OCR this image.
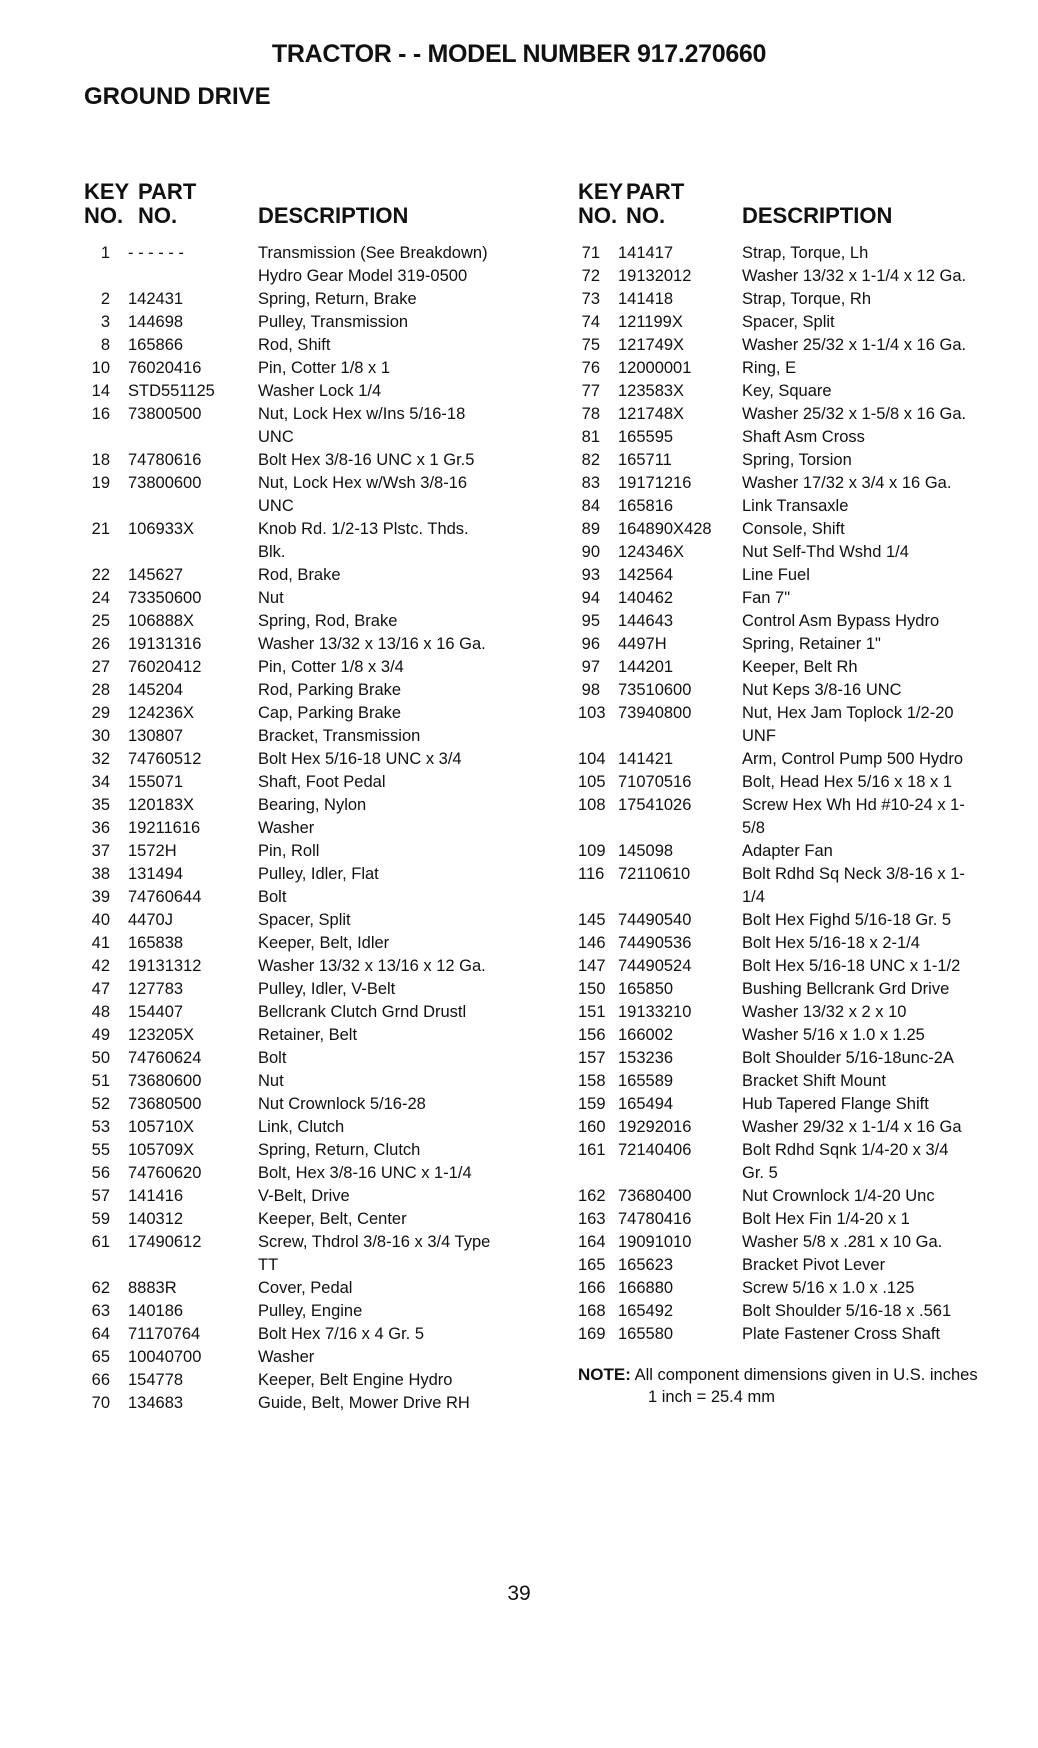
TRACTOR - - MODEL NUMBER 917.270660
GROUND DRIVE
KEY
NO.
PART
NO.	DESCRIPTION
1	- - - - - -	Transmission (See Breakdown)
Hydro Gear Model 319-0500
2	142431	Spring, Return, Brake
3	144698	Pulley, Transmission
8	165866	Rod, Shift
10	76020416	Pin, Cotter 1/8 x 1
14	STD551125	Washer Lock 1/4
16	73800500	Nut, Lock Hex w/Ins 5/16-18
UNC
18	74780616	Bolt Hex 3/8-16 UNC x 1 Gr.5
19	73800600	Nut, Lock Hex w/Wsh 3/8-16
UNC
21	106933X	Knob Rd. 1/2-13 Plstc. Thds.
Blk.
22	145627	Rod, Brake
24	73350600	Nut
25	106888X	Spring, Rod, Brake
26	19131316	Washer 13/32 x 13/16 x 16 Ga.
27	76020412	Pin, Cotter 1/8 x 3/4
28	145204	Rod, Parking Brake
29	124236X	Cap, Parking Brake
30	130807	Bracket, Transmission
32	74760512	Bolt Hex 5/16-18 UNC x 3/4
34	155071	Shaft, Foot Pedal
35	120183X	Bearing, Nylon
36	19211616	Washer
37	1572H	Pin, Roll
38	131494	Pulley, Idler, Flat
39	74760644	Bolt
40	4470J	Spacer, Split
41	165838	Keeper, Belt, Idler
42	19131312	Washer 13/32 x 13/16 x 12 Ga.
47	127783	Pulley, Idler, V-Belt
48	154407	Bellcrank Clutch Grnd Drustl
49	123205X	Retainer, Belt
50	74760624	Bolt
51	73680600	Nut
52	73680500	Nut Crownlock 5/16-28
53	105710X	Link, Clutch
55	105709X	Spring, Return, Clutch
56	74760620	Bolt, Hex 3/8-16 UNC x 1-1/4
57	141416	V-Belt, Drive
59	140312	Keeper, Belt, Center
61	17490612	Screw, Thdrol 3/8-16 x 3/4 Type
TT
62	8883R	Cover, Pedal
63	140186	Pulley, Engine
64	71170764	Bolt Hex 7/16 x 4 Gr. 5
65	10040700	Washer
66	154778	Keeper, Belt Engine Hydro
70	134683	Guide, Belt, Mower Drive RH
KEY
NO.
PART
NO.	DESCRIPTION
71	141417	Strap, Torque, Lh
72	19132012	Washer 13/32 x 1-1/4 x 12 Ga.
73	141418	Strap, Torque, Rh
74	121199X	Spacer, Split
75	121749X	Washer 25/32 x 1-1/4 x 16 Ga.
76	12000001	Ring, E
77	123583X	Key, Square
78	121748X	Washer 25/32 x 1-5/8 x 16 Ga.
81	165595	Shaft Asm Cross
82	165711	Spring, Torsion
83	19171216	Washer 17/32 x 3/4 x 16 Ga.
84	165816	Link Transaxle
89	164890X428	Console, Shift
90	124346X	Nut Self-Thd Wshd 1/4
93	142564	Line Fuel
94	140462	Fan 7"
95	144643	Control Asm Bypass Hydro
96	4497H	Spring, Retainer 1"
97	144201	Keeper, Belt Rh
98	73510600	Nut Keps 3/8-16 UNC
103 73940800	Nut, Hex Jam Toplock 1/2-20
UNF
104 141421	Arm, Control Pump 500 Hydro
105 71070516	Bolt, Head Hex 5/16 x 18 x 1
108 17541026	Screw Hex Wh Hd #10-24 x 1-
5/8
109 145098	Adapter Fan
116 72110610	Bolt Rdhd Sq Neck 3/8-16 x 1-
1/4
145 74490540	Bolt Hex Fighd 5/16-18 Gr. 5
146 74490536	Bolt Hex 5/16-18 x 2-1/4
147 74490524	Bolt Hex 5/16-18 UNC x 1-1/2
150 165850	Bushing Bellcrank Grd Drive
151 19133210	Washer 13/32 x 2 x 10
156 166002	Washer 5/16 x 1.0 x 1.25
157 153236	Bolt Shoulder 5/16-18unc-2A
158 165589	Bracket Shift Mount
159 165494	Hub Tapered Flange Shift
160 19292016	Washer 29/32 x 1-1/4 x 16 Ga
161 72140406	Bolt Rdhd Sqnk 1/4-20 x 3/4
Gr. 5
162 73680400	Nut Crownlock 1/4-20 Unc
163 74780416	Bolt Hex Fin 1/4-20 x 1
164 19091010	Washer 5/8 x .281 x 10 Ga.
165 165623	Bracket Pivot Lever
166 166880	Screw 5/16 x 1.0 x .125
168 165492	Bolt Shoulder 5/16-18 x .561
169 165580	Plate Fastener Cross Shaft
NOTE: All component dimensions given in U.S. inches
1 inch = 25.4 mm
39
